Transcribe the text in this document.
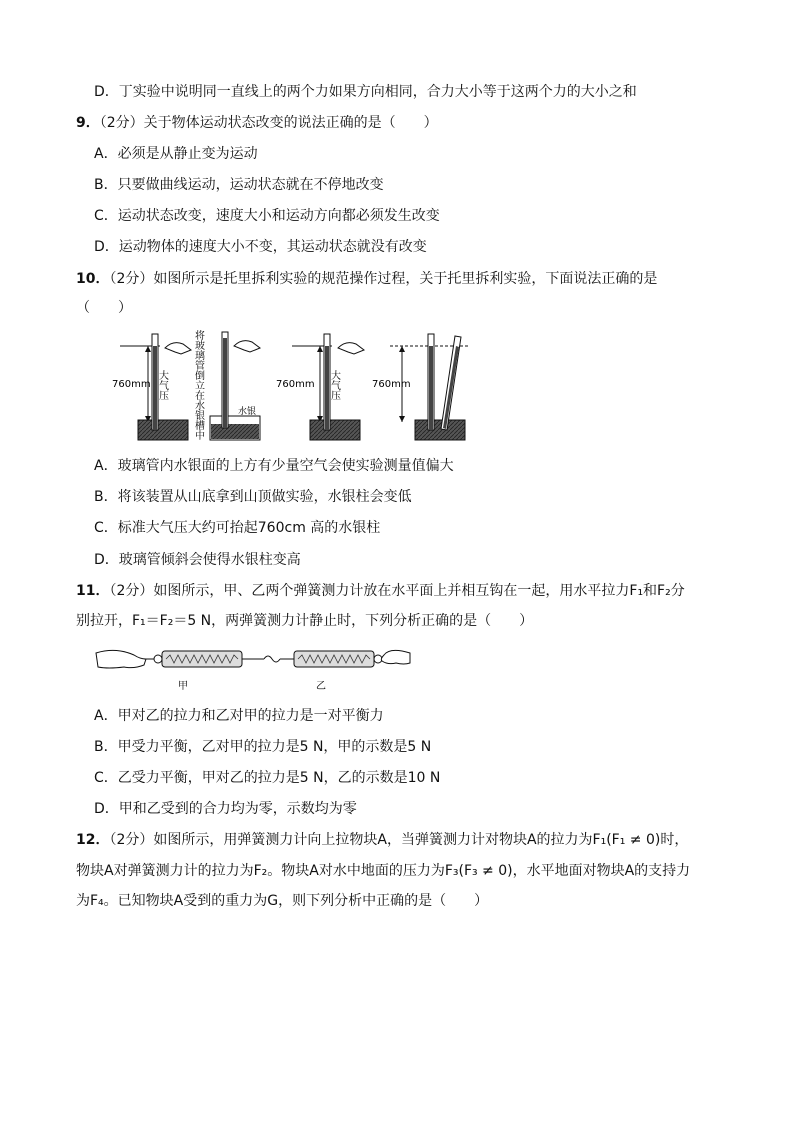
D．丁实验中说明同一直线上的两个力如果方向相同，合力大小等于这两个力的大小之和
9．（2分）关于物体运动状态改变的说法正确的是（　　）
A．必须是从静止变为运动
B．只要做曲线运动，运动状态就在不停地改变
C．运动状态改变，速度大小和运动方向都必须发生改变
D．运动物体的速度大小不变，其运动状态就没有改变
10．（2分）如图所示是托里拆利实验的规范操作过程，关于托里拆利实验，下面说法正确的是
（　　）
760mm 大气压	将玻璃管倒立在水银槽中	水银
760mm 大气压	760mm
A．玻璃管内水银面的上方有少量空气会使实验测量值偏大
B．将该装置从山底拿到山顶做实验，水银柱会变低
C．标准大气压大约可抬起760cm 高的水银柱
D．玻璃管倾斜会使得水银柱变高
11．（2分）如图所示，甲、乙两个弹簧测力计放在水平面上并相互钩在一起，用水平拉力F₁和F₂分
别拉开，F₁＝F₂＝5 N，两弹簧测力计静止时，下列分析正确的是（　　）
甲	乙
A．甲对乙的拉力和乙对甲的拉力是一对平衡力
B．甲受力平衡，乙对甲的拉力是5 N，甲的示数是5 N
C．乙受力平衡，甲对乙的拉力是5 N，乙的示数是10 N
D．甲和乙受到的合力均为零，示数均为零
12．（2分）如图所示，用弹簧测力计向上拉物块A，当弹簧测力计对物块A的拉力为F₁(F₁ ≠ 0)时，
物块A对弹簧测力计的拉力为F₂。物块A对水中地面的压力为F₃(F₃ ≠ 0)，水平地面对物块A的支持力
为F₄。已知物块A受到的重力为G，则下列分析中正确的是（　　）
